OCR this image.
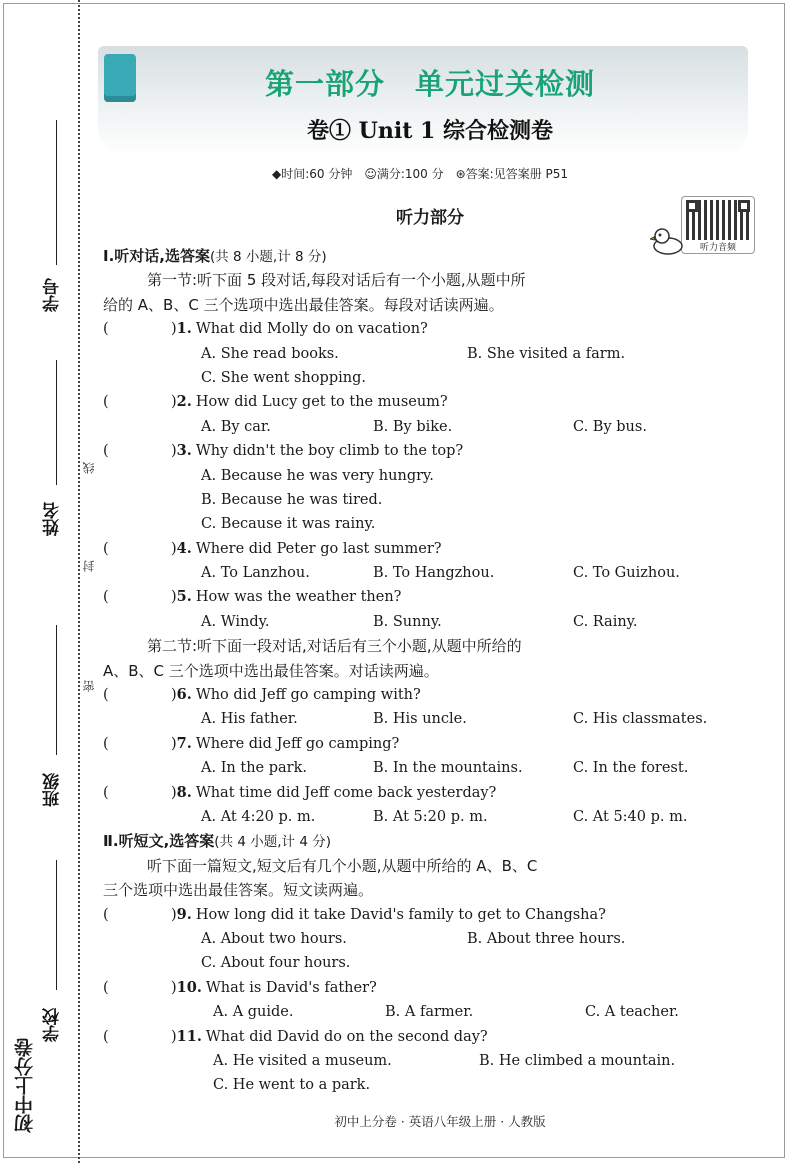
学号
姓名
班级
学校
线
封
密
初中上分卷
第一部分　单元过关检测
卷① Unit 1 综合检测卷
◆时间:60 分钟　☺满分:100 分　⊛答案:见答案册 P51
听力部分
听力音频
Ⅰ.听对话,选答案(共 8 小题,计 8 分)
第一节:听下面 5 段对话,每段对话后有一个小题,从题中所
给的 A、B、C 三个选项中选出最佳答案。每段对话读两遍。
(	)1. What did Molly do on vacation?
A. She read books.	B. She visited a farm.
C. She went shopping.
(	)2. How did Lucy get to the museum?
A. By car.	B. By bike.	C. By bus.
(	)3. Why didn't the boy climb to the top?
A. Because he was very hungry.
B. Because he was tired.
C. Because it was rainy.
(	)4. Where did Peter go last summer?
A. To Lanzhou.	B. To Hangzhou.	C. To Guizhou.
(	)5. How was the weather then?
A. Windy.	B. Sunny.	C. Rainy.
第二节:听下面一段对话,对话后有三个小题,从题中所给的
A、B、C 三个选项中选出最佳答案。对话读两遍。
(	)6. Who did Jeff go camping with?
A. His father.	B. His uncle.	C. His classmates.
(	)7. Where did Jeff go camping?
A. In the park.	B. In the mountains.	C. In the forest.
(	)8. What time did Jeff come back yesterday?
A. At 4:20 p. m.	B. At 5:20 p. m.	C. At 5:40 p. m.
Ⅱ.听短文,选答案(共 4 小题,计 4 分)
听下面一篇短文,短文后有几个小题,从题中所给的 A、B、C
三个选项中选出最佳答案。短文读两遍。
(	)9. How long did it take David's family to get to Changsha?
A. About two hours.	B. About three hours.
C. About four hours.
(	)10. What is David's father?
A. A guide.	B. A farmer.	C. A teacher.
(	)11. What did David do on the second day?
A. He visited a museum.	B. He climbed a mountain.
C. He went to a park.
初中上分卷 · 英语八年级上册 · 人教版
